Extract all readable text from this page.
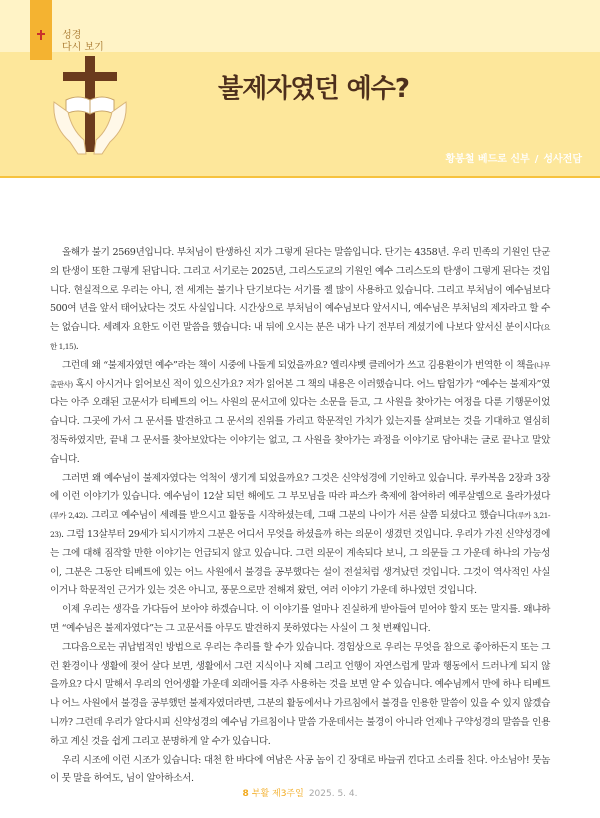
성경
다시 보기
불제자였던 예수?
황봉철 베드로 신부 / 성사전담

올해가 불기 2569년입니다. 부처님이 탄생하신 지가 그렇게 된다는 말씀입니다. 단기는 4358년. 우리 민족의 기원인 단군의 탄생이 또한 그렇게 된답니다. 그리고 서기로는 2025년, 그리스도교의 기원인 예수 그리스도의 탄생이 그렇게 된다는 것입니다. 현실적으로 우리는 아니, 전 세계는 불기나 단기보다는 서기를 젤 많이 사용하고 있습니다. 그리고 부처님이 예수님보다 500여 년을 앞서 태어났다는 것도 사실입니다. 시간상으로 부처님이 예수님보다 앞서시니, 예수님은 부처님의 제자라고 할 수는 없습니다. 세례자 요한도 이런 말씀을 했습니다: 내 뒤에 오시는 분은 내가 나기 전부터 계셨기에 나보다 앞서신 분이시다(요한 1,15).

그런데 왜 “불제자였던 예수”라는 책이 시중에 나돌게 되었을까요? 엘리샤벳 클레어가 쓰고 김용환이가 번역한 이 책을(나무출판사) 혹시 아시거나 읽어보신 적이 있으신가요? 저가 읽어본 그 책의 내용은 이러했습니다. 어느 탐험가가 “예수는 불제자”였다는 아주 오래된 고문서가 티베트의 어느 사원의 문서고에 있다는 소문을 듣고, 그 사원을 찾아가는 여정을 다룬 기행문이었습니다. 그곳에 가서 그 문서를 발견하고 그 문서의 진위를 가리고 학문적인 가치가 있는지를 살펴보는 것을 기대하고 열심히 정독하였지만, 끝내 그 문서를 찾아보았다는 이야기는 없고, 그 사원을 찾아가는 과정을 이야기로 담아내는 글로 끝나고 말았습니다.

그러면 왜 예수님이 불제자였다는 억척이 생기게 되었을까요? 그것은 신약성경에 기인하고 있습니다. 루카복음 2장과 3장에 이런 이야기가 있습니다. 예수님이 12살 되던 해에도 그 부모님을 따라 파스카 축제에 참여하러 예루살렘으로 올라가셨다(루카 2,42). 그리고 예수님이 세례를 받으시고 활동을 시작하셨는데, 그때 그분의 나이가 서른 살쯤 되셨다고 했습니다(루카 3,21-23). 그럼 13살부터 29세가 되시기까지 그분은 어디서 무엇을 하셨을까 하는 의문이 생겼던 것입니다. 우리가 가진 신약성경에는 그에 대해 짐작할 만한 이야기는 언급되지 않고 있습니다. 그런 의문이 계속되다 보니, 그 의문들 그 가운데 하나의 가능성이, 그분은 그동안 티베트에 있는 어느 사원에서 불경을 공부했다는 설이 전설처럼 생겨났던 것입니다. 그것이 역사적인 사실이거나 학문적인 근거가 있는 것은 아니고, 풍문으로만 전해져 왔던, 여러 이야기 가운데 하나였던 것입니다.

이제 우리는 생각을 가다듬어 보아야 하겠습니다. 이 이야기를 얼마나 진실하게 받아들여 믿어야 할지 또는 말지를. 왜냐하면 “예수님은 불제자였다”는 그 고문서를 아무도 발견하지 못하였다는 사실이 그 첫 번째입니다.

그다음으로는 귀납법적인 방법으로 우리는 추리를 할 수가 있습니다. 경험상으로 우리는 무엇을 참으로 좋아하든지 또는 그런 환경이나 생활에 젖어 살다 보면, 생활에서 그런 지식이나 지혜 그리고 언행이 자연스럽게 말과 행동에서 드러나게 되지 않을까요? 다시 말해서 우리의 언어생활 가운데 외래어를 자주 사용하는 것을 보면 알 수 있습니다. 예수님께서 만에 하나 티베트나 어느 사원에서 불경을 공부했던 불제자였더라면, 그분의 활동에서나 가르침에서 불경을 인용한 말씀이 있을 수 있지 않겠습니까? 그런데 우리가 알다시피 신약성경의 예수님 가르침이나 말씀 가운데서는 불경이 아니라 언제나 구약성경의 말씀을 인용하고 계신 것을 쉽게 그리고 분명하게 알 수가 있습니다.

우리 시조에 이런 시조가 있습니다: 대천 한 바다에 여남은 사공 놈이 긴 장대로 바늘귀 낀다고 소리를 친다. 아소님아! 뭇놈이 뭇 말을 하여도, 님이 알아하소서.

8 부활 제3주일 2025. 5. 4.
